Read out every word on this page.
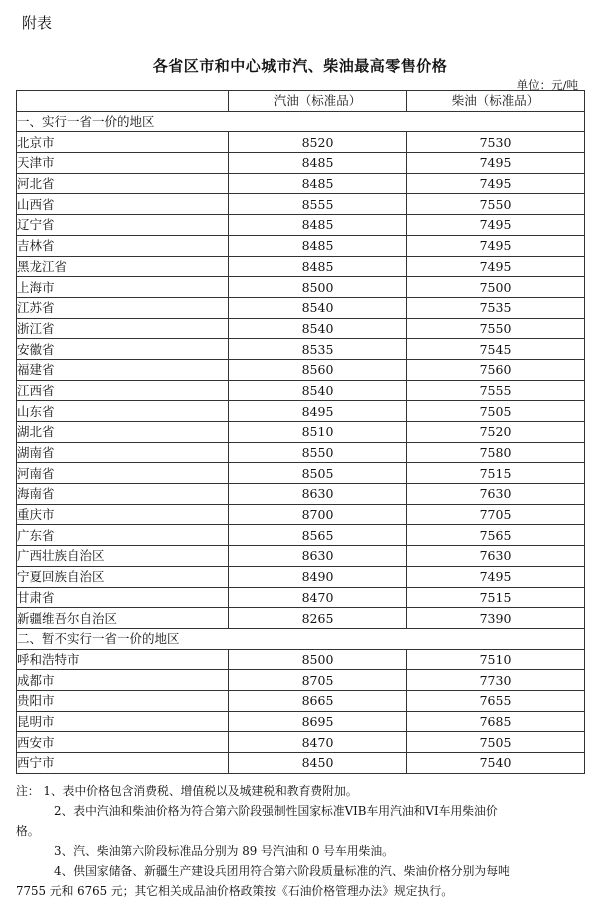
附表
各省区市和中心城市汽、柴油最高零售价格
单位：元/吨
	汽油（标准品）	柴油（标准品）
一、实行一省一价的地区		
北京市	8520	7530
天津市	8485	7495
河北省	8485	7495
山西省	8555	7550
辽宁省	8485	7495
吉林省	8485	7495
黑龙江省	8485	7495
上海市	8500	7500
江苏省	8540	7535
浙江省	8540	7550
安徽省	8535	7545
福建省	8560	7560
江西省	8540	7555
山东省	8495	7505
湖北省	8510	7520
湖南省	8550	7580
河南省	8505	7515
海南省	8630	7630
重庆市	8700	7705
广东省	8565	7565
广西壮族自治区	8630	7630
宁夏回族自治区	8490	7495
甘肃省	8470	7515
新疆维吾尔自治区	8265	7390
二、暂不实行一省一价的地区		
呼和浩特市	8500	7510
成都市	8705	7730
贵阳市	8665	7655
昆明市	8695	7685
西安市	8470	7505
西宁市	8450	7540
注： 1、表中价格包含消费税、增值税以及城建税和教育费附加。
2、表中汽油和柴油价格为符合第六阶段强制性国家标准VIB车用汽油和VI车用柴油价
格。
3、汽、柴油第六阶段标准品分别为 89 号汽油和 0 号车用柴油。
4、供国家储备、新疆生产建设兵团用符合第六阶段质量标准的汽、柴油价格分别为每吨
7755 元和 6765 元；其它相关成品油价格政策按《石油价格管理办法》规定执行。
